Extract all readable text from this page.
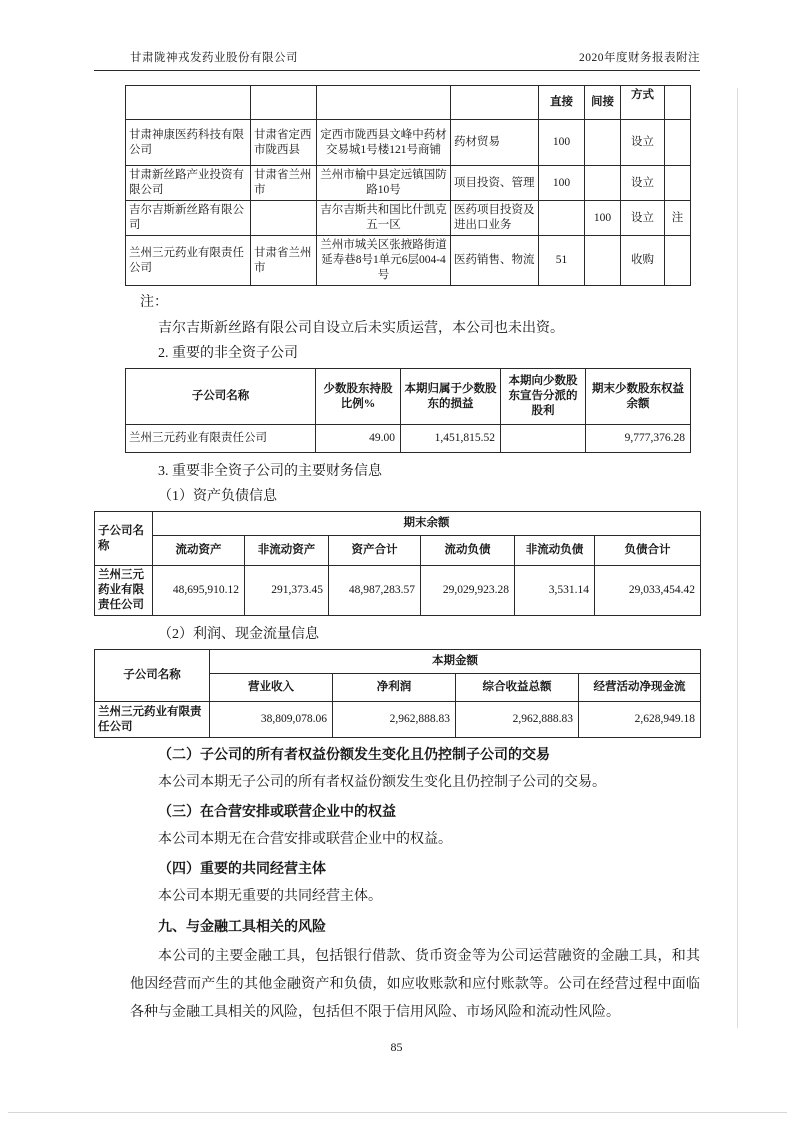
甘肃陇神戎发药业股份有限公司	2020年度财务报表附注
				直接	间接	方式	
甘肃神康医药科技有限公司	甘肃省定西市陇西县	定西市陇西县文峰中药材交易城1号楼121号商铺	药材贸易	100		设立	
甘肃新丝路产业投资有限公司	甘肃省兰州市	兰州市榆中县定远镇国防路10号	项目投资、管理	100		设立	
吉尔吉斯新丝路有限公司		吉尔吉斯共和国比什凯克五一区	医药项目投资及进出口业务		100	设立	注
兰州三元药业有限责任公司	甘肃省兰州市	兰州市城关区张掖路街道延寿巷8号1单元6层004-4号	医药销售、物流	51		收购	

注：

吉尔吉斯新丝路有限公司自设立后未实质运营，本公司也未出资。

2. 重要的非全资子公司

子公司名称	少数股东持股比例%	本期归属于少数股东的损益	本期向少数股东宣告分派的股利	期末少数股东权益余额
兰州三元药业有限责任公司	49.00	1,451,815.52		9,777,376.28

3. 重要非全资子公司的主要财务信息

（1）资产负债信息

子公司名称	期末余额					
	流动资产	非流动资产	资产合计	流动负债	非流动负债	负债合计
兰州三元药业有限责任公司	48,695,910.12	291,373.45	48,987,283.57	29,029,923.28	3,531.14	29,033,454.42

（2）利润、现金流量信息

子公司名称	本期金额			
	营业收入	净利润	综合收益总额	经营活动净现金流
兰州三元药业有限责任公司	38,809,078.06	2,962,888.83	2,962,888.83	2,628,949.18

（二）子公司的所有者权益份额发生变化且仍控制子公司的交易

本公司本期无子公司的所有者权益份额发生变化且仍控制子公司的交易。

（三）在合营安排或联营企业中的权益

本公司本期无在合营安排或联营企业中的权益。

（四）重要的共同经营主体

本公司本期无重要的共同经营主体。

九、与金融工具相关的风险

本公司的主要金融工具，包括银行借款、货币资金等为公司运营融资的金融工具，和其他因经营而产生的其他金融资产和负债，如应收账款和应付账款等。公司在经营过程中面临各种与金融工具相关的风险，包括但不限于信用风险、市场风险和流动性风险。

85
